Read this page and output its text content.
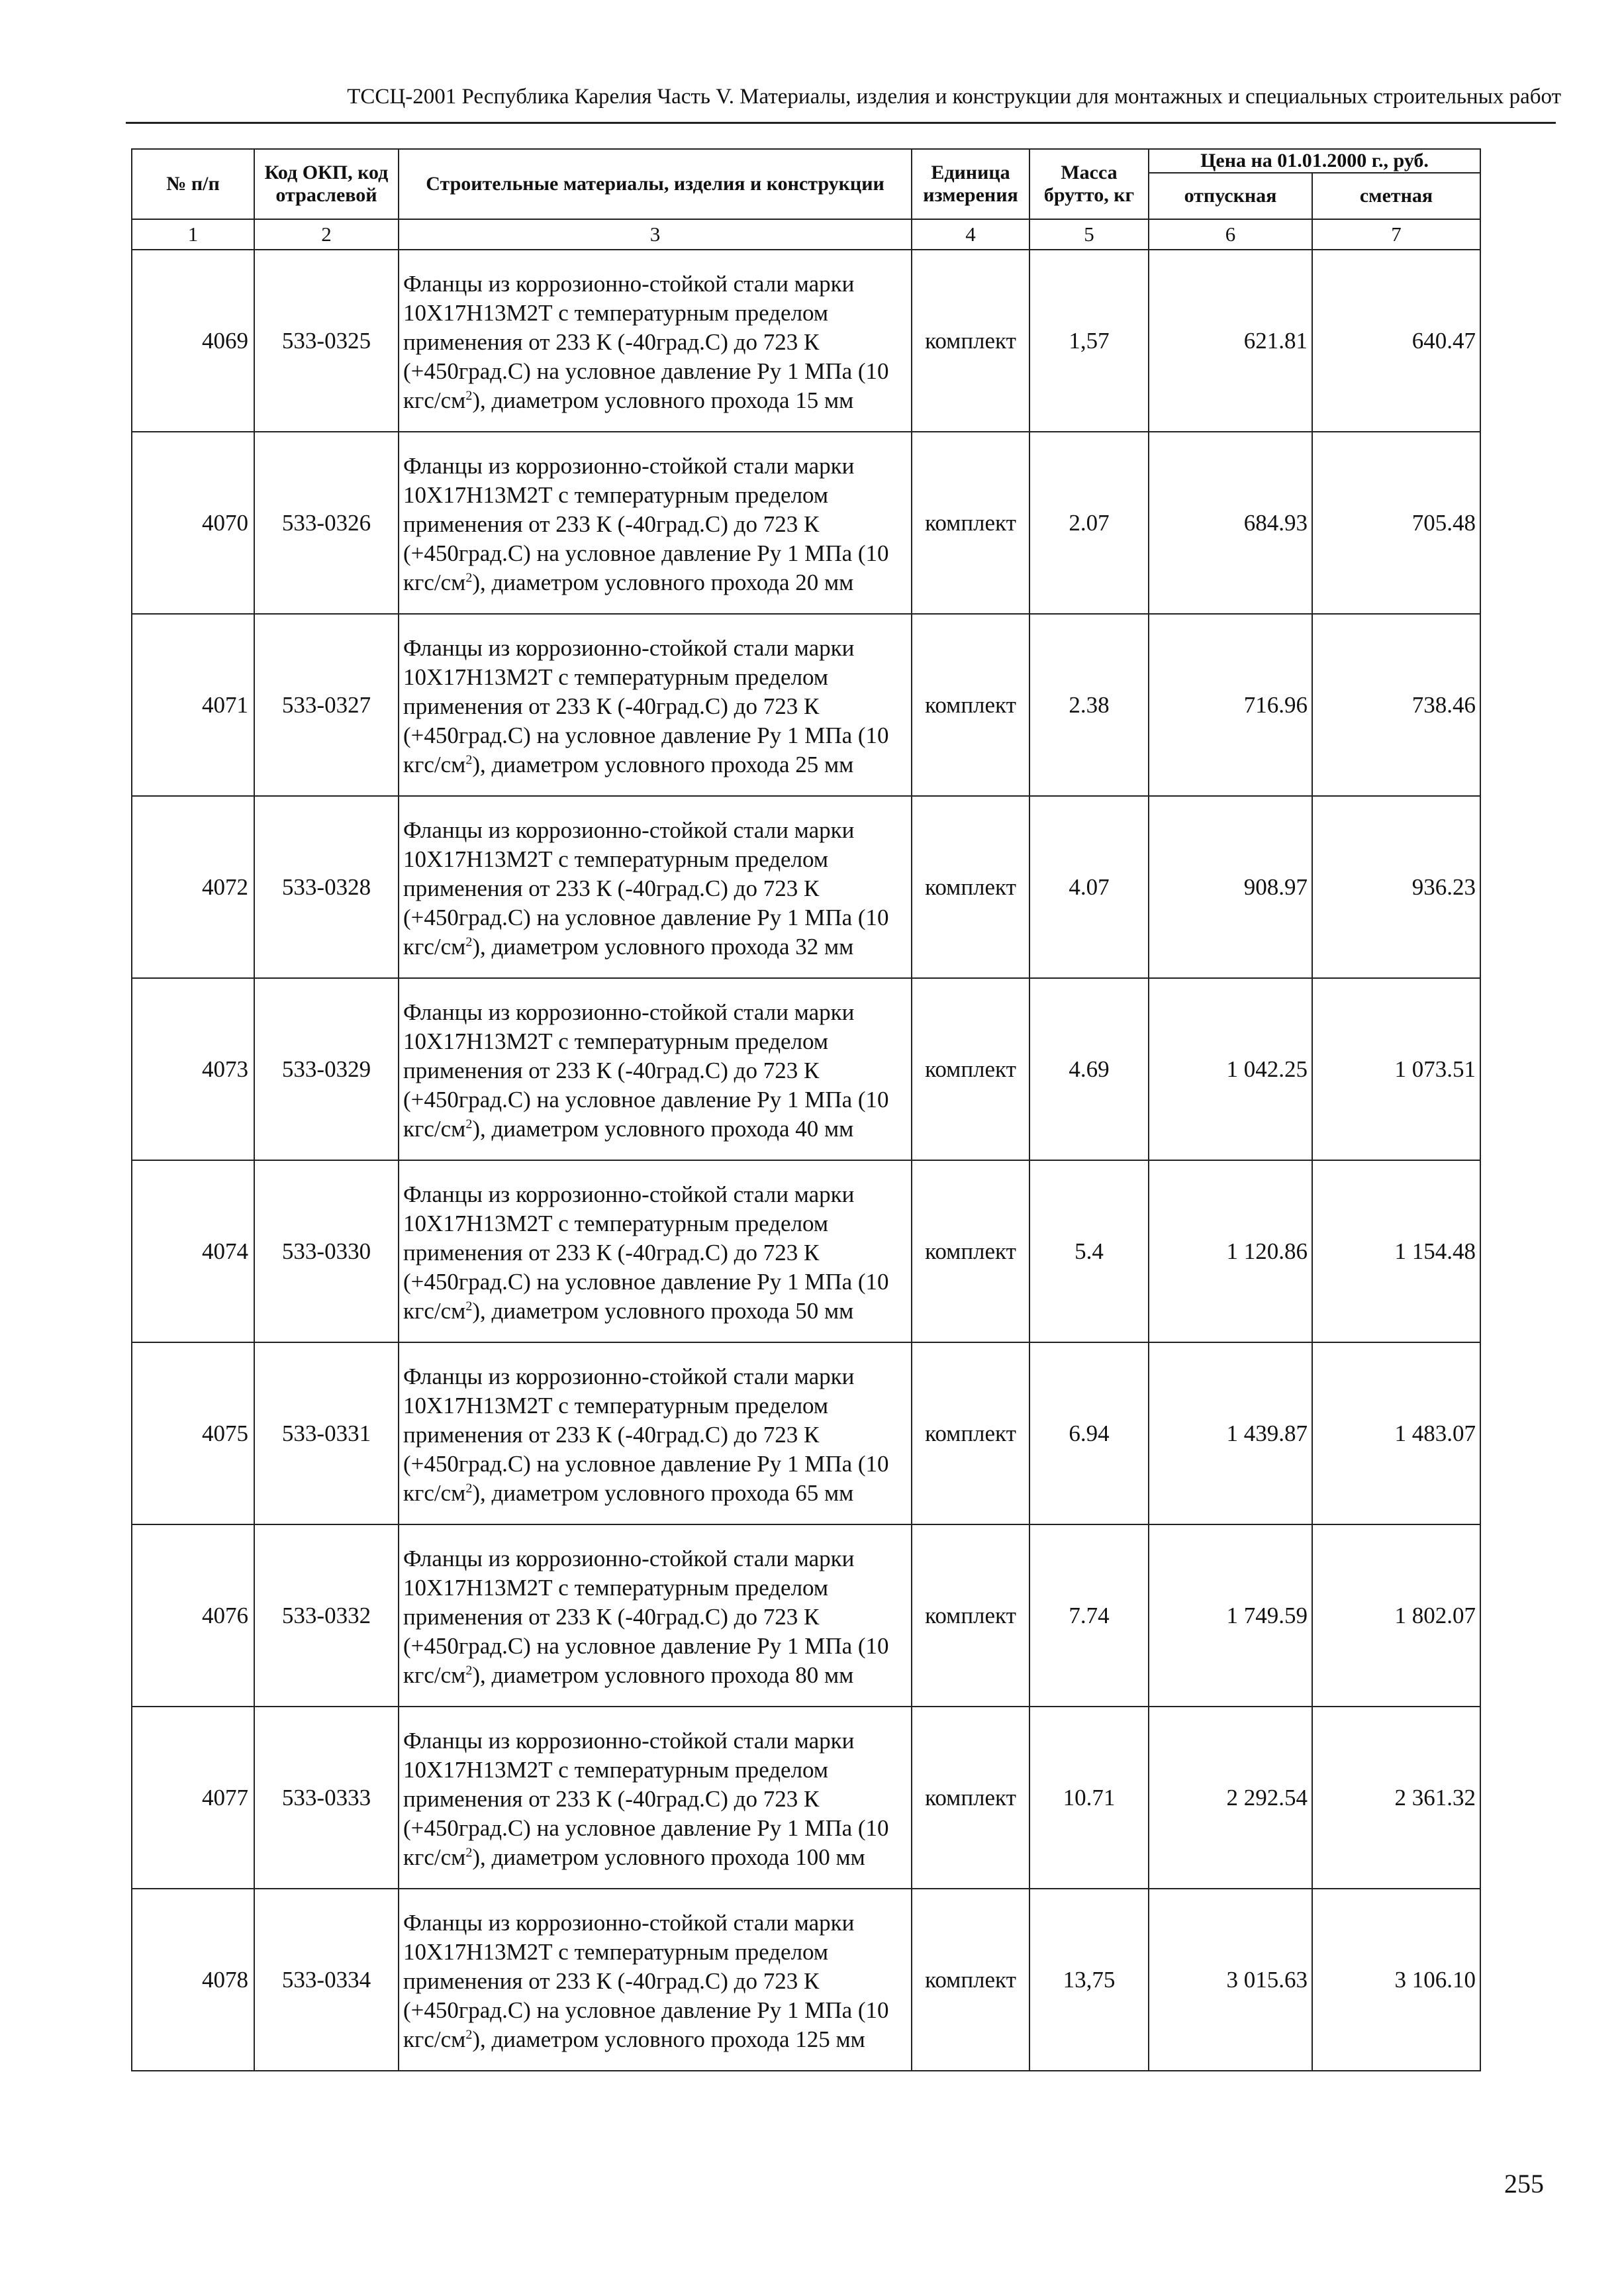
ТССЦ-2001 Республика Карелия Часть V. Материалы, изделия и конструкции для монтажных и специальных строительных работ
№ п/п	Код ОКП, код отраслевой	Строительные материалы, изделия и конструкции	Единица измерения	Масса брутто, кг	Цена на 01.01.2000 г., руб.	
					отпускная	сметная
1	2	3	4	5	6	7
4069	533-0325	Фланцы из коррозионно-стойкой стали марки 10Х17Н13М2Т с температурным пределом применения от 233 К (-40град.С) до 723 К (+450град.С) на условное давление Ру 1 МПа (10 кгс/$см^2$), диаметром условного прохода 15 мм	комплект	1,57	621.81	640.47
4070	533-0326	Фланцы из коррозионно-стойкой стали марки 10Х17Н13М2Т с температурным пределом применения от 233 К (-40град.С) до 723 К (+450град.С) на условное давление Ру 1 МПа (10 кгс/$см^2$), диаметром условного прохода 20 мм	комплект	2.07	684.93	705.48
4071	533-0327	Фланцы из коррозионно-стойкой стали марки 10Х17Н13М2Т с температурным пределом применения от 233 К (-40град.С) до 723 К (+450град.С) на условное давление Ру 1 МПа (10 кгс/$см^2$), диаметром условного прохода 25 мм	комплект	2.38	716.96	738.46
4072	533-0328	Фланцы из коррозионно-стойкой стали марки 10Х17Н13М2Т с температурным пределом применения от 233 К (-40град.С) до 723 К (+450град.С) на условное давление Ру 1 МПа (10 кгс/$см^2$), диаметром условного прохода 32 мм	комплект	4.07	908.97	936.23
4073	533-0329	Фланцы из коррозионно-стойкой стали марки 10Х17Н13М2Т с температурным пределом применения от 233 К (-40град.С) до 723 К (+450град.С) на условное давление Ру 1 МПа (10 кгс/$см^2$), диаметром условного прохода 40 мм	комплект	4.69	1 042.25	1 073.51
4074	533-0330	Фланцы из коррозионно-стойкой стали марки 10Х17Н13М2Т с температурным пределом применения от 233 К (-40град.С) до 723 К (+450град.С) на условное давление Ру 1 МПа (10 кгс/$см^2$), диаметром условного прохода 50 мм	комплект	5.4	1 120.86	1 154.48
4075	533-0331	Фланцы из коррозионно-стойкой стали марки 10Х17Н13М2Т с температурным пределом применения от 233 К (-40град.С) до 723 К (+450град.С) на условное давление Ру 1 МПа (10 кгс/$см^2$), диаметром условного прохода 65 мм	комплект	6.94	1 439.87	1 483.07
4076	533-0332	Фланцы из коррозионно-стойкой стали марки 10Х17Н13М2Т с температурным пределом применения от 233 К (-40град.С) до 723 К (+450град.С) на условное давление Ру 1 МПа (10 кгс/$см^2$), диаметром условного прохода 80 мм	комплект	7.74	1 749.59	1 802.07
4077	533-0333	Фланцы из коррозионно-стойкой стали марки 10Х17Н13М2Т с температурным пределом применения от 233 К (-40град.С) до 723 К (+450град.С) на условное давление Ру 1 МПа (10 кгс/$см^2$), диаметром условного прохода 100 мм	комплект	10.71	2 292.54	2 361.32
4078	533-0334	Фланцы из коррозионно-стойкой стали марки 10Х17Н13М2Т с температурным пределом применения от 233 К (-40град.С) до 723 К (+450град.С) на условное давление Ру 1 МПа (10 кгс/$см^2$), диаметром условного прохода 125 мм	комплект	13,75	3 015.63	3 106.10
255
